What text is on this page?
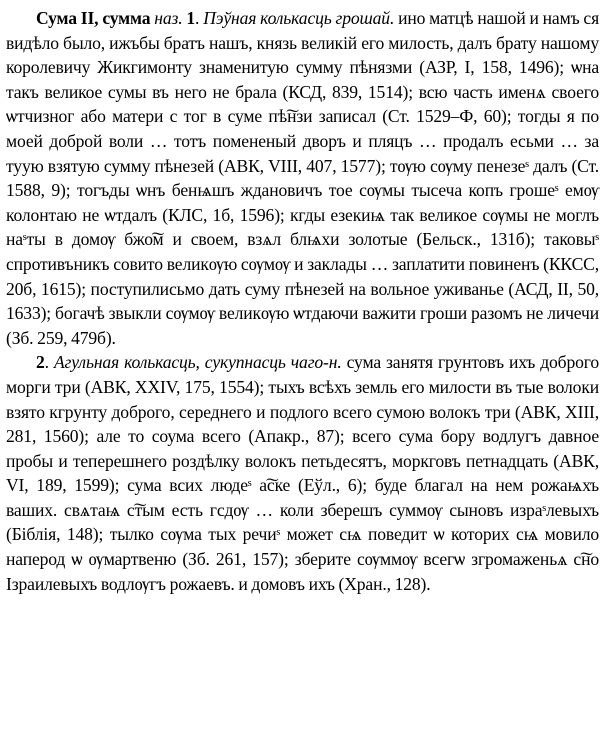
Сума II, сумма наз. 1. Пэўная колькасць грошай. ино матцѣ нашой и намъ ся видѣло было, ижъбы братъ нашъ, князь великій его милость, далъ брату нашому королевичу Жикгимонту знаменитую сумму пѣнязми (АЗР, I, 158, 1496); ѡна такъ великое сумы въ него не брала (КСД, 839, 1514); всю часть именѧ своего ѡтчизног або матери с тог в суме пѣ͠нзи записал (Ст. 1529–Ф, 60); тогды я по моей доброй воли … тотъ помененый дворъ и пляцъ … продалъ есьми … за туую взятую сумму пѣнезей (АВК, VIII, 407, 1577); тѹю сѹму пенезеˢ далъ (Ст. 1588, 9); тогъды ѡнъ бенѩшъ ждановичъ тое сѹмы тысеча копъ грошеˢ емѹ колонтаю не ѡтдалъ (КЛС, 1б, 1596); кгды езекиѩ так великое сѹмы не моглъ наˢты в домѹ бжо͠м и своем, взѧл блѩхи золотые (Бельск., 131б); таковыˢ спротивъникъ совито великѹю сѹмѹ и заклады … заплатити повиненъ (ККСС, 20б, 1615); поступилисьмо дать суму пѣнезей на вольное уживанье (АСД, II, 50, 1633); богачѣ звыкли сѹмѹ великѹю ѡтдаючи важити гроши разомъ не личечи (Зб. 259, 479б).

2. Агульная колькасць, сукупнасць чаго-н. сума занятя грунтовъ ихъ доброго морги три (АВК, XXIV, 175, 1554); тыхъ всѣхъ земль его милости въ тые волоки взято кгрунту доброго, середнего и подлого всего сумою волокъ три (АВК, XIII, 281, 1560); але то соума всего (Апакр., 87); всего сума бору водлугъ давное пробы и теперешнего роздѣлку волокъ петьдесятъ, моркговъ петнадцать (АВК, VI, 189, 1599); сума всих людеˢ а͠ске (Еўл., 6); буде благал на нем рожаѩхъ ваших. свѧтаѩ с͠тым есть гсдѹ … коли зберешъ суммѹ сыновъ израˢлевыхъ (Біблія, 148); тылко сѹма тых речиˢ может сѩ поведит ѡ которих сѩ мовило наперод ѡ ѹмартвеню (Зб. 261, 157); зберите сѹммѹ всегѡ згромаженьѧ с͠но Ізраилевыхъ водлѹгъ рожаевъ. и домовъ ихъ (Хран., 128).
